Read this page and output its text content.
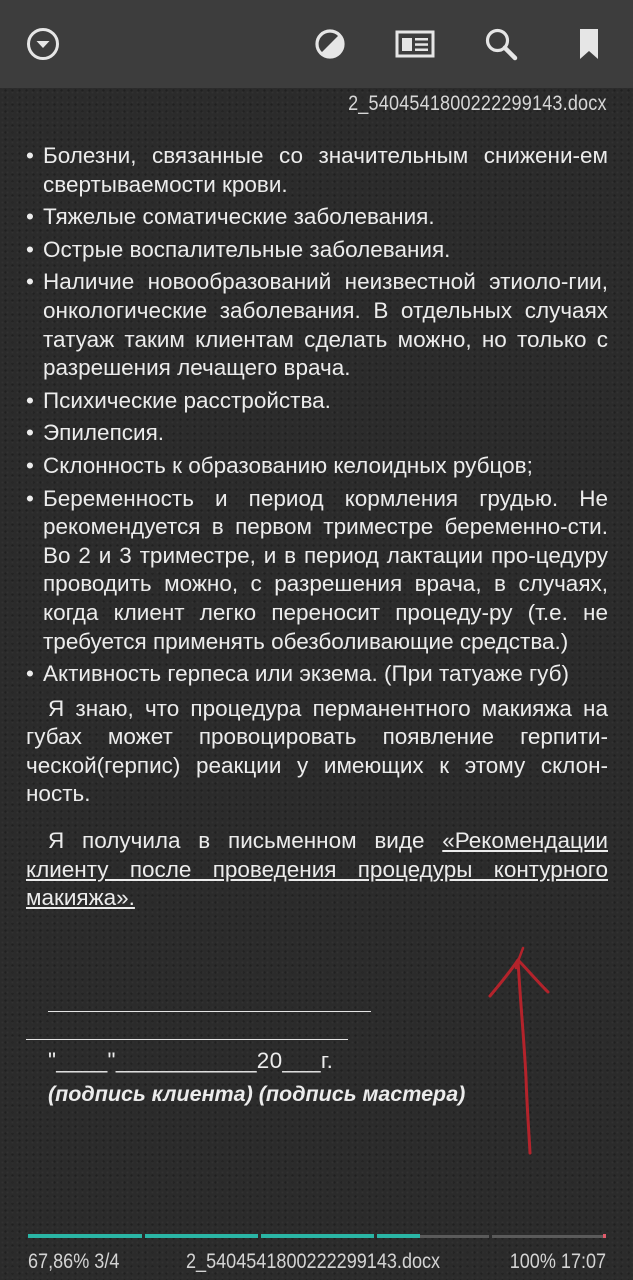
2_5404541800222299143.docx
• Болезни, связанные со значительным снижени-ем свертываемости крови.
• Тяжелые соматические заболевания.
• Острые воспалительные заболевания.
• Наличие новообразований неизвестной этиоло-гии, онкологические заболевания. В отдельных случаях татуаж таким клиентам сделать можно, но только с разрешения лечащего врача.
• Психические расстройства.
• Эпилепсия.
• Склонность к образованию келоидных рубцов;
• Беременность и период кормления грудью. Не рекомендуется в первом триместре беременно-сти. Во 2 и 3 триместре, и в период лактации про-цедуру проводить можно, с разрешения врача, в случаях, когда клиент легко переносит процеду-ру (т.е. не требуется применять обезболивающие средства.)
• Активность герпеса или экзема. (При татуаже губ)
Я знаю, что процедура перманентного макияжа на губах может провоцировать появление герпити-ческой(герпис) реакции у имеющих к этому склон-ность.
Я получила в письменном виде «Рекомендации клиенту после проведения процедуры контурного макияжа».
"____"___________20___г.
(подпись клиента) (подпись мастера)
67,86% 3/4	2_5404541800222299143.docx	100% 17:07
